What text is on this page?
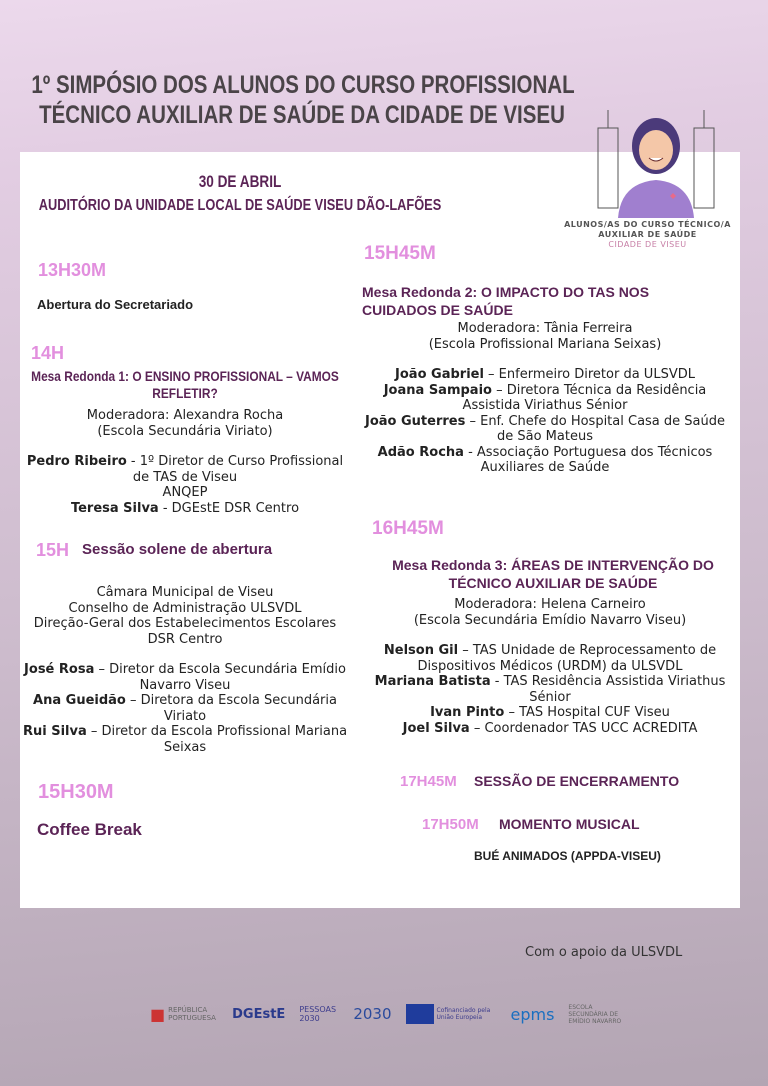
1º SIMPÓSIO DOS ALUNOS DO CURSO PROFISSIONAL
TÉCNICO AUXILIAR DE SAÚDE DA CIDADE DE VISEU
ALUNOS/AS DO CURSO TÉCNICO/A
AUXILIAR DE SAÚDE
CIDADE DE VISEU
30 DE ABRIL
AUDITÓRIO DA UNIDADE LOCAL DE SAÚDE VISEU DÃO-LAFÕES
13H30M
Abertura do Secretariado
14H
Mesa Redonda 1: O ENSINO PROFISSIONAL – VAMOS REFLETIR?
Moderadora: Alexandra Rocha
(Escola Secundária Viriato)
Pedro Ribeiro - 1º Diretor de Curso Profissional de TAS de Viseu
ANQEP
Teresa Silva - DGEstE DSR Centro
15H Sessão solene de abertura
Câmara Municipal de Viseu
Conselho de Administração ULSVDL
Direção-Geral dos Estabelecimentos Escolares DSR Centro
José Rosa – Diretor da Escola Secundária Emídio Navarro Viseu
Ana Gueidão – Diretora da Escola Secundária Viriato
Rui Silva – Diretor da Escola Profissional Mariana Seixas
15H30M
Coffee Break
15H45M
Mesa Redonda 2: O IMPACTO DO TAS NOS CUIDADOS DE SAÚDE
Moderadora: Tânia Ferreira
(Escola Profissional Mariana Seixas)
João Gabriel – Enfermeiro Diretor da ULSVDL
Joana Sampaio – Diretora Técnica da Residência Assistida Viriathus Sénior
João Guterres – Enf. Chefe do Hospital Casa de Saúde de São Mateus
Adão Rocha - Associação Portuguesa dos Técnicos Auxiliares de Saúde
16H45M
Mesa Redonda 3: ÁREAS DE INTERVENÇÃO DO TÉCNICO AUXILIAR DE SAÚDE
Moderadora: Helena Carneiro
(Escola Secundária Emídio Navarro Viseu)
Nelson Gil – TAS Unidade de Reprocessamento de Dispositivos Médicos (URDM) da ULSVDL
Mariana Batista - TAS Residência Assistida Viriathus Sénior
Ivan Pinto – TAS Hospital CUF Viseu
Joel Silva – Coordenador TAS UCC ACREDITA
17H45M SESSÃO DE ENCERRAMENTO
17H50M MOMENTO MUSICAL
BUÉ ANIMADOS (APPDA-VISEU)
Com o apoio da ULSVDL
■ REPÚBLICA PORTUGUESA DGEstE PESSOAS 2030	2030	Cofinanciado pela União Europeia	epms ESCOLA SECUNDÁRIA DE EMÍDIO NAVARRO
